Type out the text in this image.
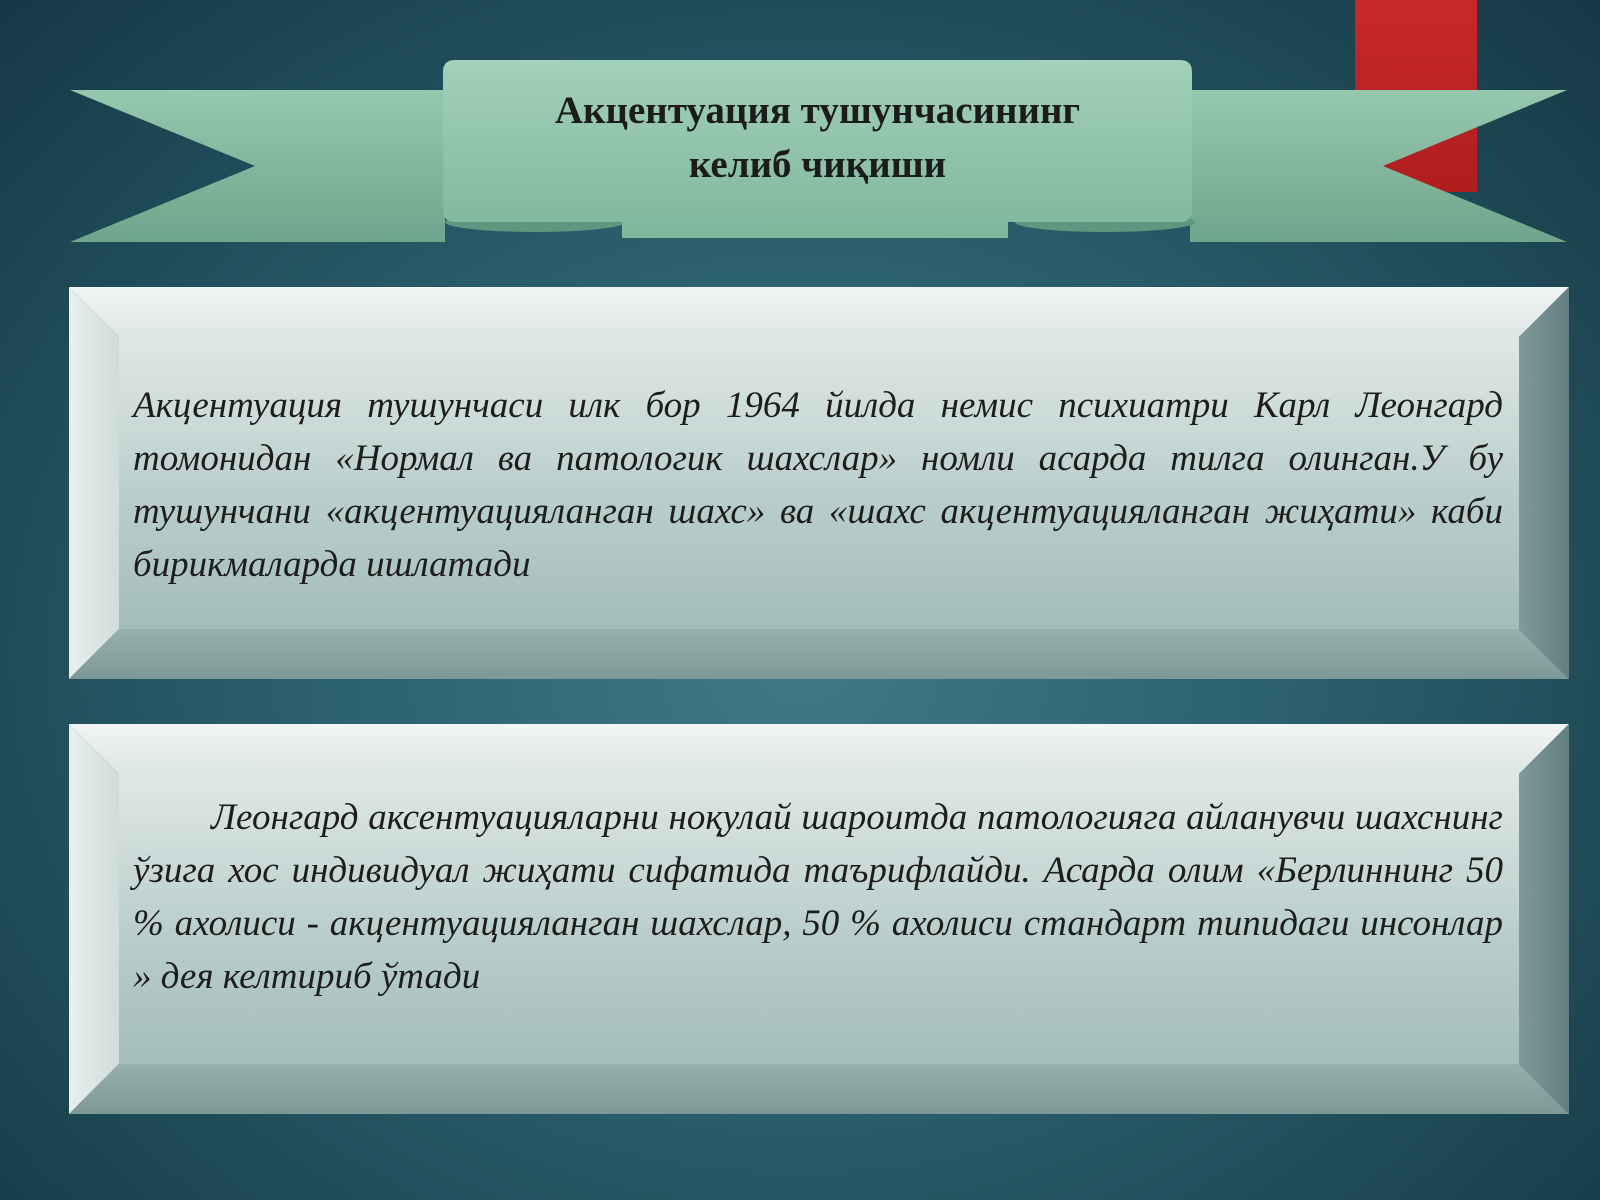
Акцентуация тушунчасининг
келиб чиқиши

Акцентуация тушунчаси илк бор 1964 йилда немис психиатри Карл Леонгард томонидан «Нормал ва патологик шахслар» номли асарда тилга олинган.У бу тушунчани «акцентуацияланган шахс» ва «шахс акцентуацияланган жиҳати» каби бирикмаларда ишлатади

Леонгард аксентуацияларни ноқулай шароитда патологияга айланувчи шахснинг ўзига хос индивидуал жиҳати сифатида таърифлайди. Асарда олим «Берлиннинг 50 % ахолиси - акцентуацияланган шахслар, 50 % ахолиси стандарт типидаги инсонлар » дея келтириб ўтади
